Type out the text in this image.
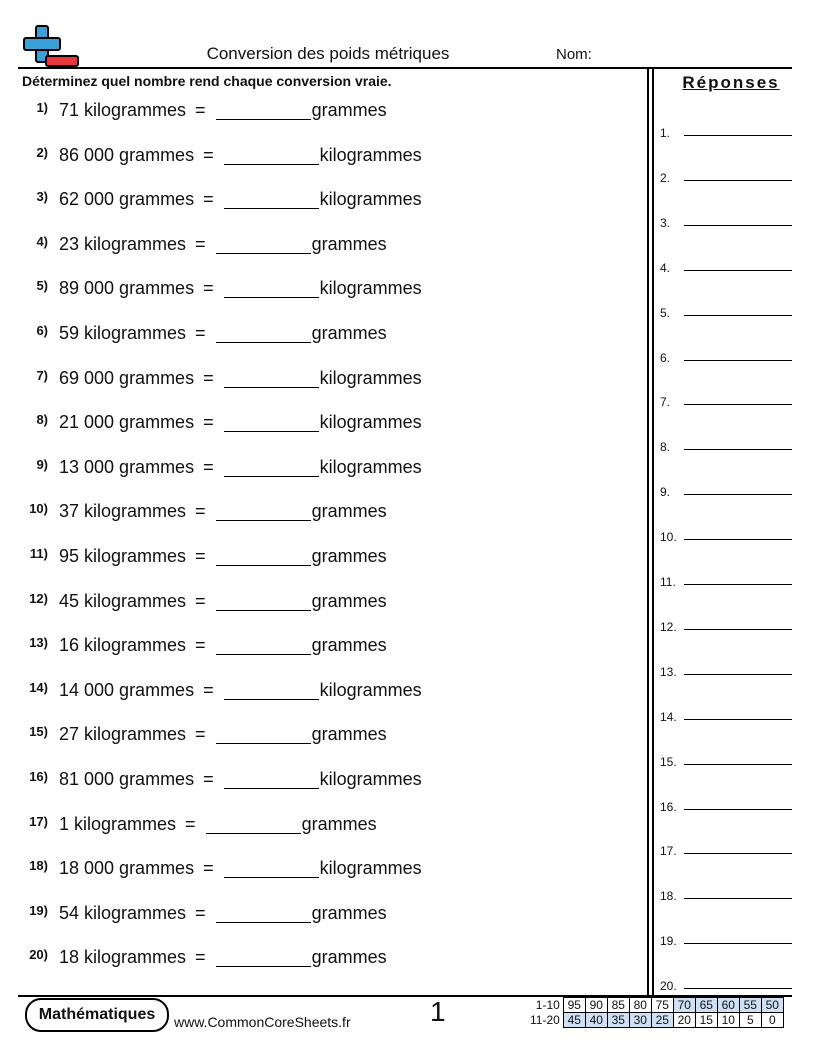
Conversion des poids métriques	Nom:
Déterminez quel nombre rend chaque conversion vraie.	Réponses
1) 71 kilogrammes =	grammes
2) 86 000 grammes =	kilogrammes
3) 62 000 grammes =	kilogrammes
4) 23 kilogrammes =	grammes
5) 89 000 grammes =	kilogrammes
6) 59 kilogrammes =	grammes
7) 69 000 grammes =	kilogrammes
8) 21 000 grammes =	kilogrammes
9) 13 000 grammes =	kilogrammes
10) 37 kilogrammes =	grammes
11) 95 kilogrammes =	grammes
12) 45 kilogrammes =	grammes
13) 16 kilogrammes =	grammes
14) 14 000 grammes =	kilogrammes
15) 27 kilogrammes =	grammes
16) 81 000 grammes =	kilogrammes
17) 1 kilogrammes =	grammes
18) 18 000 grammes =	kilogrammes
19) 54 kilogrammes =	grammes
20) 18 kilogrammes =	grammes
1.
2.
3.
4.
5.
6.
7.
8.
9.
10.
11.
12.
13.
14.
15.
16.
17.
18.
19.
20.
Mathématiques	www.CommonCoreSheets.fr	1	1-10	95	90	85	80	75	70	65	60	55	50
11-20	45	40	35	30	25	20	15	10	5	0
